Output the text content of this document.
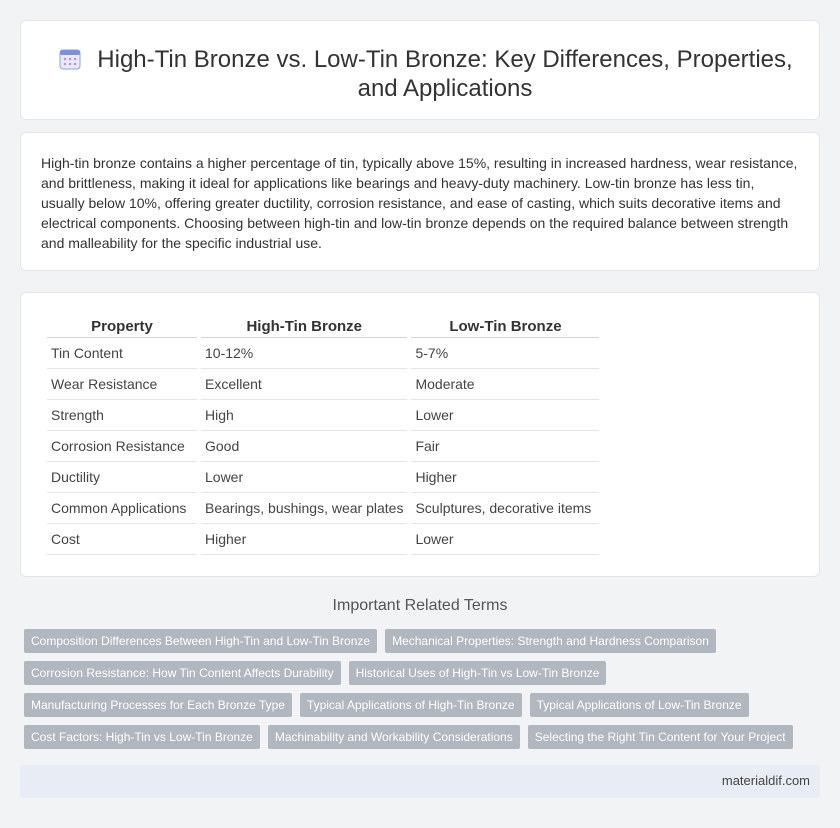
High-Tin Bronze vs. Low-Tin Bronze: Key Differences, Properties, and Applications

High-tin bronze contains a higher percentage of tin, typically above 15%, resulting in increased hardness, wear resistance, and brittleness, making it ideal for applications like bearings and heavy-duty machinery. Low-tin bronze has less tin, usually below 10%, offering greater ductility, corrosion resistance, and ease of casting, which suits decorative items and electrical components. Choosing between high-tin and low-tin bronze depends on the required balance between strength and malleability for the specific industrial use.

Property	High-Tin Bronze	Low-Tin Bronze
Tin Content	10-12%	5-7%
Wear Resistance	Excellent	Moderate
Strength	High	Lower
Corrosion Resistance	Good	Fair
Ductility	Lower	Higher
Common Applications	Bearings, bushings, wear plates	Sculptures, decorative items
Cost	Higher	Lower
Important Related Terms
Composition Differences Between High-Tin and Low-Tin Bronze	Mechanical Properties: Strength and Hardness Comparison
Corrosion Resistance: How Tin Content Affects Durability	Historical Uses of High-Tin vs Low-Tin Bronze
Manufacturing Processes for Each Bronze Type	Typical Applications of High-Tin Bronze	Typical Applications of Low-Tin Bronze
Cost Factors: High-Tin vs Low-Tin Bronze	Machinability and Workability Considerations	Selecting the Right Tin Content for Your Project
materialdif.com
